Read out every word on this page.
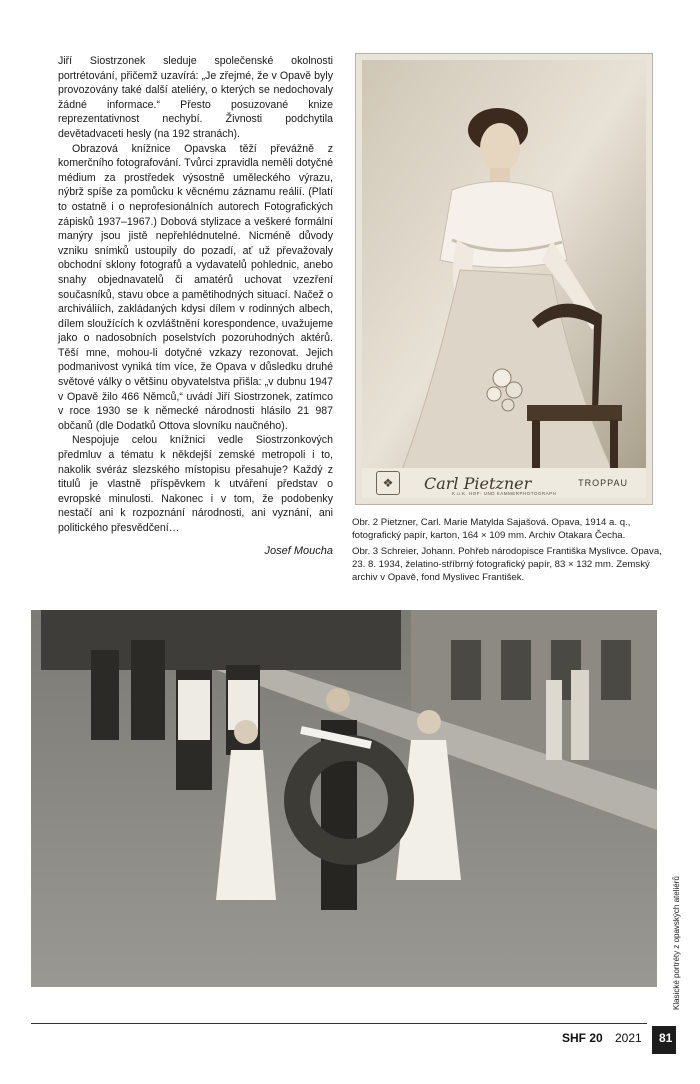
Jiří Siostrzonek sleduje společenské okolnosti portrétování, přičemž uzavírá: „Je zřejmé, že v Opavě byly provozovány také další ateliéry, o kterých se nedochovaly žádné informace.“ Přesto posuzované knize reprezentativnost nechybí. Živnosti podchytila devětadvaceti hesly (na 192 stranách).

Obrazová knížnice Opavska těží převážně z komerčního fotografování. Tvůrci zpravidla neměli dotyčné médium za prostředek výsostně uměleckého výrazu, nýbrž spíše za pomůcku k věcnému záznamu reálií. (Platí to ostatně i o neprofesionálních autorech Fotografických zápisků 1937–1967.) Dobová stylizace a veškeré formální manýry jsou jistě nepřehlédnutelné. Nicméně důvody vzniku snímků ustoupily do pozadí, ať už převažovaly obchodní sklony fotografů a vydavatelů pohlednic, anebo snahy objednavatelů či amatérů uchovat vzezření současníků, stavu obce a pamětihodných situací. Načež o archiváliích, zakládaných kdysi dílem v rodinných albech, dílem sloužících k ozvláštnění korespondence, uvažujeme jako o nadosobních poselstvích pozoruhodných aktérů. Těší mne, mohou-li dotyčné vzkazy rezonovat. Jejich podmanivost vyniká tím více, že Opava v důsledku druhé světové války o většinu obyvatelstva přišla: „v dubnu 1947 v Opavě žilo 466 Němců,“ uvádí Jiří Siostrzonek, zatímco v roce 1930 se k německé národnosti hlásilo 21 987 občanů (dle Dodatků Ottova slovníku naučného).

Nespojuje celou knížnici vedle Siostrzonkových předmluv a tématu k někdejší zemské metropoli i to, nakolik svéráz slezského místopisu přesahuje? Každý z titulů je vlastně příspěvkem k utváření představ o evropské minulosti. Nakonec i v tom, že podobenky nestačí ani k rozpoznání národnosti, ani vyznání, ani politického přesvědčení…

Josef Moucha
❖	Carl Pietzner
K.u.K. HOF- UND KAMMERPHOTOGRAPH
TROPPAU

Obr. 2 Pietzner, Carl. Marie Matylda Sajašová. Opava, 1914 a. q., fotografický papír, karton, 164 × 109 mm. Archiv Otakara Čecha.

Obr. 3 Schreier, Johann. Pohřeb národopisce Františka Myslivce. Opava, 23. 8. 1934, želatino-stříbrný fotografický papír, 83 × 132 mm. Zemský archiv v Opavě, fond Myslivec František.

SHF 20 2021 81
Klasické portréty z opavských ateliérů
